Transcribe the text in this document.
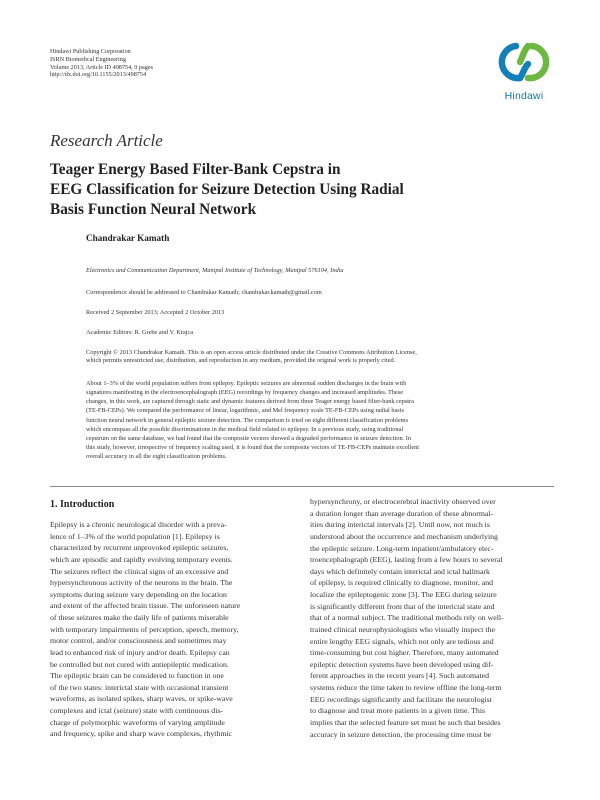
Hindawi Publishing Corporation
ISRN Biomedical Engineering
Volume 2013, Article ID 498754, 9 pages
http://dx.doi.org/10.1155/2013/498754
Hindawi
Research Article
Teager Energy Based Filter-Bank Cepstra in
EEG Classification for Seizure Detection Using Radial
Basis Function Neural Network
Chandrakar Kamath
Electronics and Communication Department, Manipal Institute of Technology, Manipal 576104, India
Correspondence should be addressed to Chandrakar Kamath; chandrakar.kamath@gmail.com
Received 2 September 2013; Accepted 2 October 2013
Academic Editors: R. Grebe and V. Krajca
Copyright © 2013 Chandrakar Kamath. This is an open access article distributed under the Creative Commons Attribution License,
which permits unrestricted use, distribution, and reproduction in any medium, provided the original work is properly cited.
About 1–3% of the world population suffers from epilepsy. Epileptic seizures are abnormal sudden discharges in the brain with
signatures manifesting in the electroencephalograph (EEG) recordings by frequency changes and increased amplitudes. These
changes, in this work, are captured through static and dynamic features derived from three Teager energy based filter-bank cepstra
(TE-FB-CEPs). We compared the performance of linear, logarithmic, and Mel frequency scale TE-FB-CEPs using radial basis
function neural network in general epileptic seizure detection. The comparison is tried on eight different classification problems
which encompass all the possible discriminations in the medical field related to epilepsy. In a previous study, using traditional
cepstrum on the same database, we had found that the composite vectors showed a degraded performance in seizure detection. In
this study, however, irrespective of frequency scaling used, it is found that the composite vectors of TE-FB-CEPs maintain excellent
overall accuracy in all the eight classification problems.
1. Introduction
Epilepsy is a chronic neurological disorder with a preva-
lence of 1–3% of the world population [1]. Epilepsy is
characterized by recurrent unprovoked epileptic seizures,
which are episodic and rapidly evolving temporary events.
The seizures reflect the clinical signs of an excessive and
hypersynchronous activity of the neurons in the brain. The
symptoms during seizure vary depending on the location
and extent of the affected brain tissue. The unforeseen nature
of these seizures make the daily life of patients miserable
with temporary impairments of perception, speech, memory,
motor control, and/or consciousness and sometimes may
lead to enhanced risk of injury and/or death. Epilepsy can
be controlled but not cured with antiepileptic medication.
The epileptic brain can be considered to function in one
of the two states: interictal state with occasional transient
waveforms, as isolated spikes, sharp waves, or spike-wave
complexes and ictal (seizure) state with continuous dis-
charge of polymorphic waveforms of varying amplitude
and frequency, spike and sharp wave complexes, rhythmic
hypersynchrony, or electrocerebral inactivity observed over
a duration longer than average duration of these abnormal-
ities during interictal intervals [2]. Until now, not much is
understood about the occurrence and mechanism underlying
the epileptic seizure. Long-term inpatient/ambulatory elec-
troencephalograph (EEG), lasting from a few hours to several
days which definitely contain interictal and ictal hallmark
of epilepsy, is required clinically to diagnose, monitor, and
localize the epileptogenic zone [3]. The EEG during seizure
is significantly different from that of the interictal state and
that of a normal subject. The traditional methods rely on well-
trained clinical neurophysiologists who visually inspect the
entire lengthy EEG signals, which not only are tedious and
time-consuming but cost higher. Therefore, many automated
epileptic detection systems have been developed using dif-
ferent approaches in the recent years [4]. Such automated
systems reduce the time taken to review offline the long-term
EEG recordings significantly and facilitate the neurologist
to diagnose and treat more patients in a given time. This
implies that the selected feature set must be such that besides
accuracy in seizure detection, the processing time must be
